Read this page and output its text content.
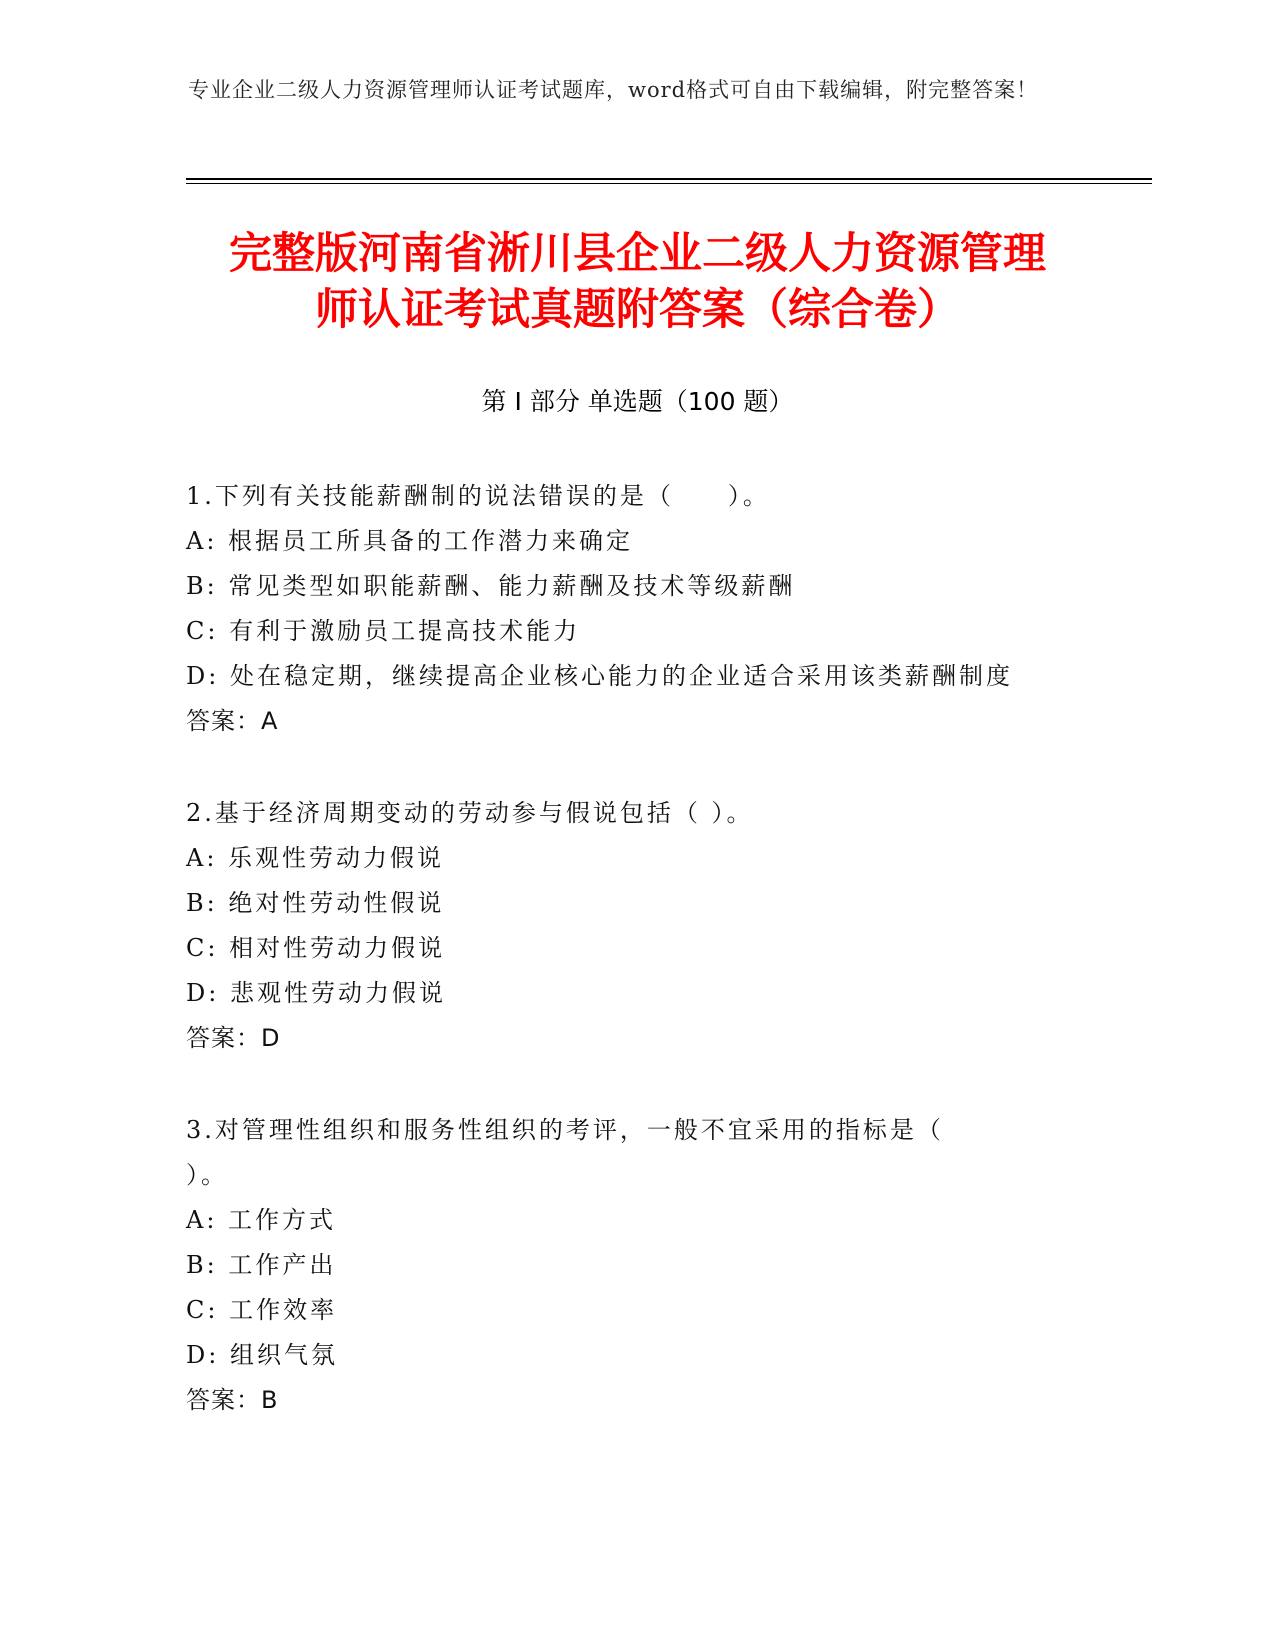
专业企业二级人力资源管理师认证考试题库，word格式可自由下载编辑，附完整答案！
完整版河南省淅川县企业二级人力资源管理
师认证考试真题附答案（综合卷）
第 I 部分 单选题（100 题）
1.下列有关技能薪酬制的说法错误的是（　　）。
A: 根据员工所具备的工作潜力来确定
B: 常见类型如职能薪酬、能力薪酬及技术等级薪酬
C: 有利于激励员工提高技术能力
D: 处在稳定期，继续提高企业核心能力的企业适合采用该类薪酬制度
答案：A
2.基于经济周期变动的劳动参与假说包括（ ）。
A: 乐观性劳动力假说
B: 绝对性劳动性假说
C: 相对性劳动力假说
D: 悲观性劳动力假说
答案：D
3.对管理性组织和服务性组织的考评，一般不宜采用的指标是（
）。
A: 工作方式
B: 工作产出
C: 工作效率
D: 组织气氛
答案：B
